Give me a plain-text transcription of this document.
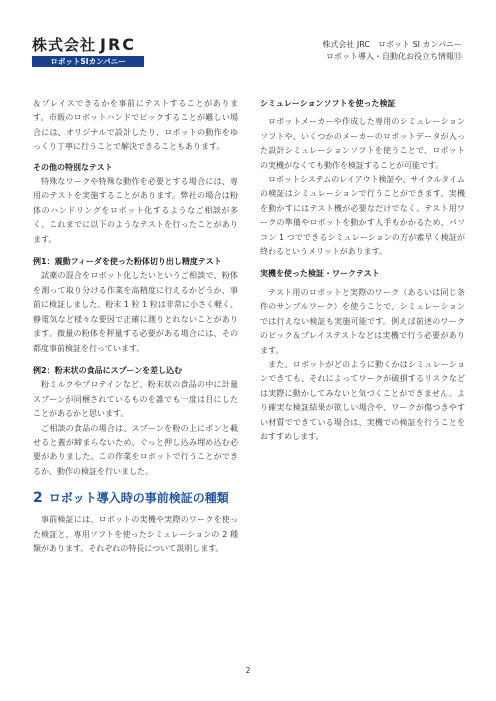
株式会社 JRC
ロボットSIカンパニー
株式会社 JRC　ロボット SI カンパニー
ロボット導入・自動化お役立ち情報⑬

＆プレイスできるかを事前にテストすることがあります。市販のロボットハンドでピックすることが難しい場合には、オリジナルで設計したり、ロボットの動作をゆっくり丁寧に行うことで解決できることもあります。

その他の特別なテスト

特殊なワークや特殊な動作を必要とする場合には、専用のテストを実施することがあります。弊社の場合は粉体のハンドリングをロボット化するようなご相談が多く、これまでに以下のようなテストを行ったことがあります。

例1：震動フィーダを使った粉体切り出し精度テスト

試薬の混合をロボット化したいというご相談で、粉体を測って取り分ける作業を高精度に行えるかどうか、事前に検証しました。粉末 1 粒 1 粒は非常に小さく軽く、静電気など様々な要因で正確に測りとれないことがあります。微量の粉体を秤量する必要がある場合には、その都度事前検証を行っています。

例2：粉末状の食品にスプーンを差し込む

粉ミルクやプロテインなど、粉末状の食品の中に計量スプーンが同梱されているものを誰でも一度は目にしたことがあるかと思います。

ご相談の食品の場合は、スプーンを粉の上にポンと載せると蓋が締まらないため、ぐっと押し込み埋め込む必要がありました。この作業をロボットで行うことができるか、動作の検証を行いました。

2 ロボット導入時の事前検証の種類

事前検証には、ロボットの実機や実際のワークを使った検証と、専用ソフトを使ったシミュレーションの 2 種類があります。それぞれの特長について説明します。

シミュレーションソフトを使った検証

ロボットメーカーや作成した専用のシミュレーションソフトや、いくつかのメーカーのロボットデータが入った設計シミュレーションソフトを使うことで、ロボットの実機がなくても動作を検証することが可能です。

ロボットシステムのレイアウト検証や、サイクルタイムの検証はシミュレーションで行うことができます。実機を動かすにはテスト機が必要なだけでなく、テスト用ワークの準備やロボットを動かす人手もかかるため、パソコン 1 つでできるシミュレーションの方が素早く検証が終わるというメリットがあります。

実機を使った検証・ワークテスト

テスト用のロボットと実際のワーク（あるいは同じ条件のサンプルワーク）を使うことで、シミュレーションでは行えない検証も実施可能です。例えば前述のワークのピック＆プレイステストなどは実機で行う必要があります。

また、ロボットがどのように動くかはシミュレーションできても、それによってワークが破損するリスクなどは実際に動かしてみないと気づくことができません。より確実な検証結果が欲しい場合や、ワークが傷つきやすい材質でできている場合は、実機での検証を行うことをおすすめします。

2
